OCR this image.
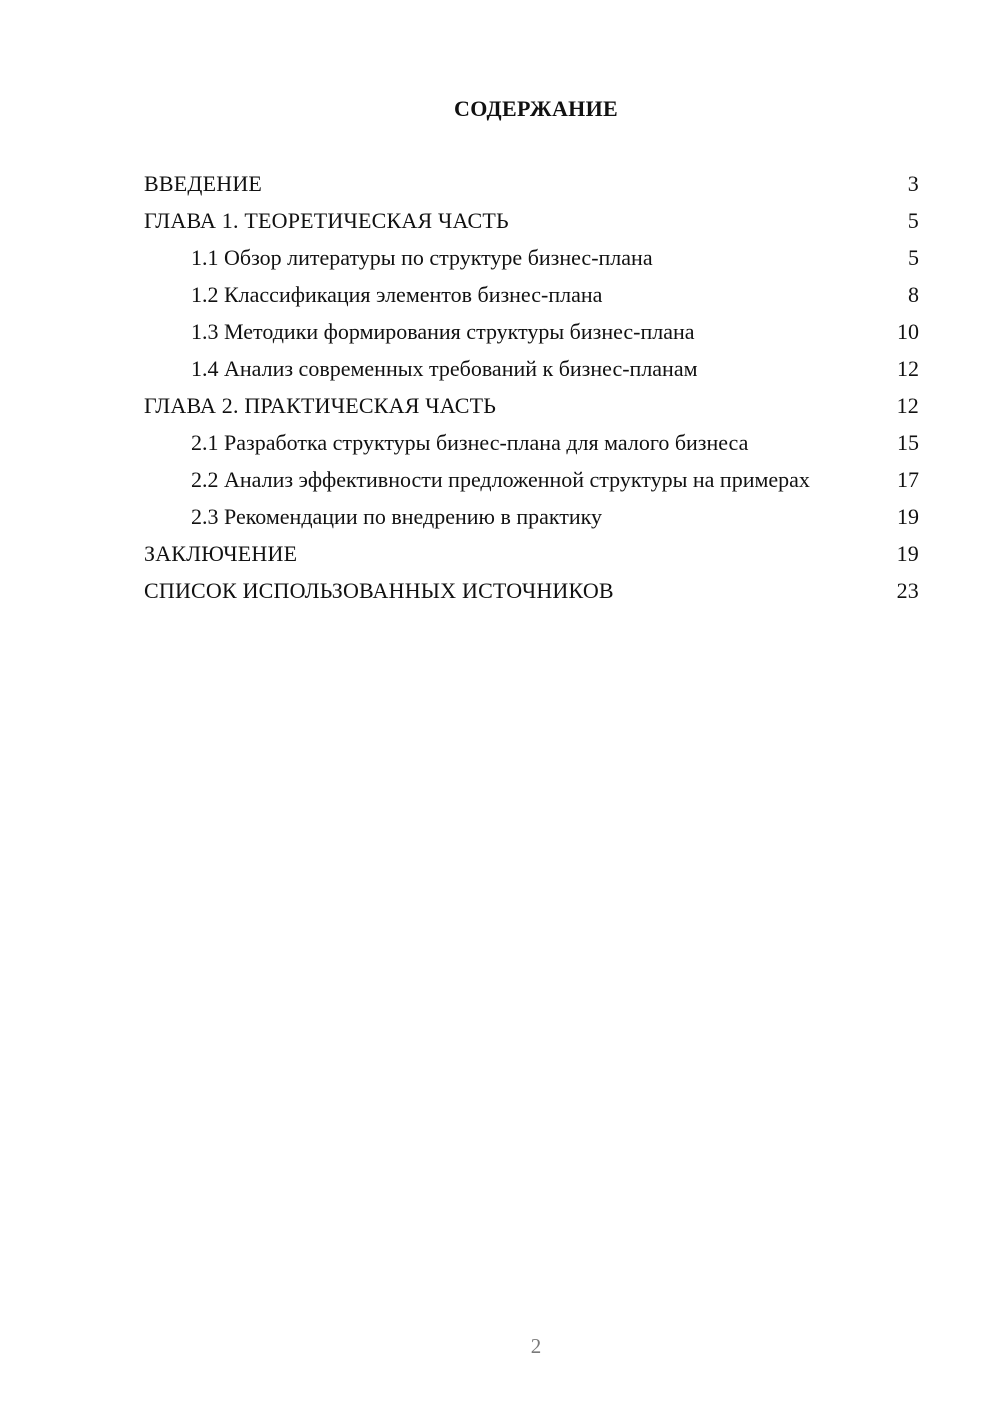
СОДЕРЖАНИЕ
ВВЕДЕНИЕ	3
ГЛАВА 1. ТЕОРЕТИЧЕСКАЯ ЧАСТЬ	5
1.1 Обзор литературы по структуре бизнес-плана	5
1.2 Классификация элементов бизнес-плана	8
1.3 Методики формирования структуры бизнес-плана	10
1.4 Анализ современных требований к бизнес-планам	12
ГЛАВА 2. ПРАКТИЧЕСКАЯ ЧАСТЬ	12
2.1 Разработка структуры бизнес-плана для малого бизнеса	15
2.2 Анализ эффективности предложенной структуры на примерах	17
2.3 Рекомендации по внедрению в практику	19
ЗАКЛЮЧЕНИЕ	19
СПИСОК ИСПОЛЬЗОВАННЫХ ИСТОЧНИКОВ	23
2
